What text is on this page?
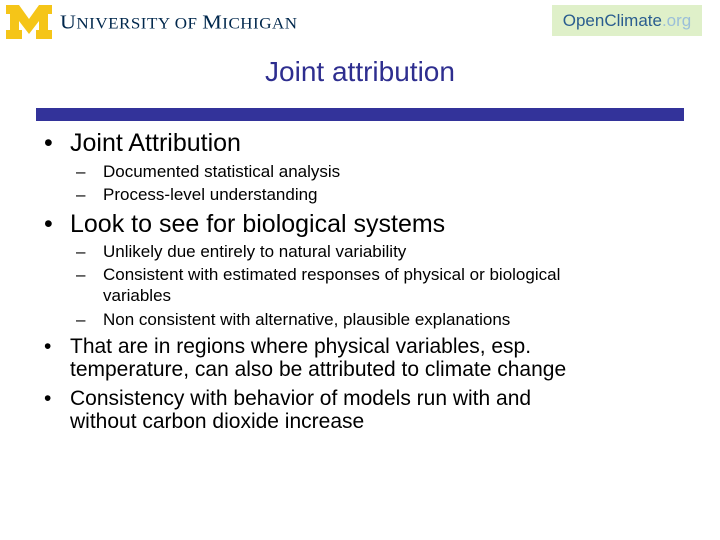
UNIVERSITY OF MICHIGAN	Open Climate .org
Joint attribution
• Joint Attribution
– Documented statistical analysis
– Process-level understanding
• Look to see for biological systems
– Unlikely due entirely to natural variability
– Consistent with estimated responses of physical or biological
variables
– Non consistent with alternative, plausible explanations
• That are in regions where physical variables, esp.
temperature, can also be attributed to climate change
• Consistency with behavior of models run with and
without carbon dioxide increase
